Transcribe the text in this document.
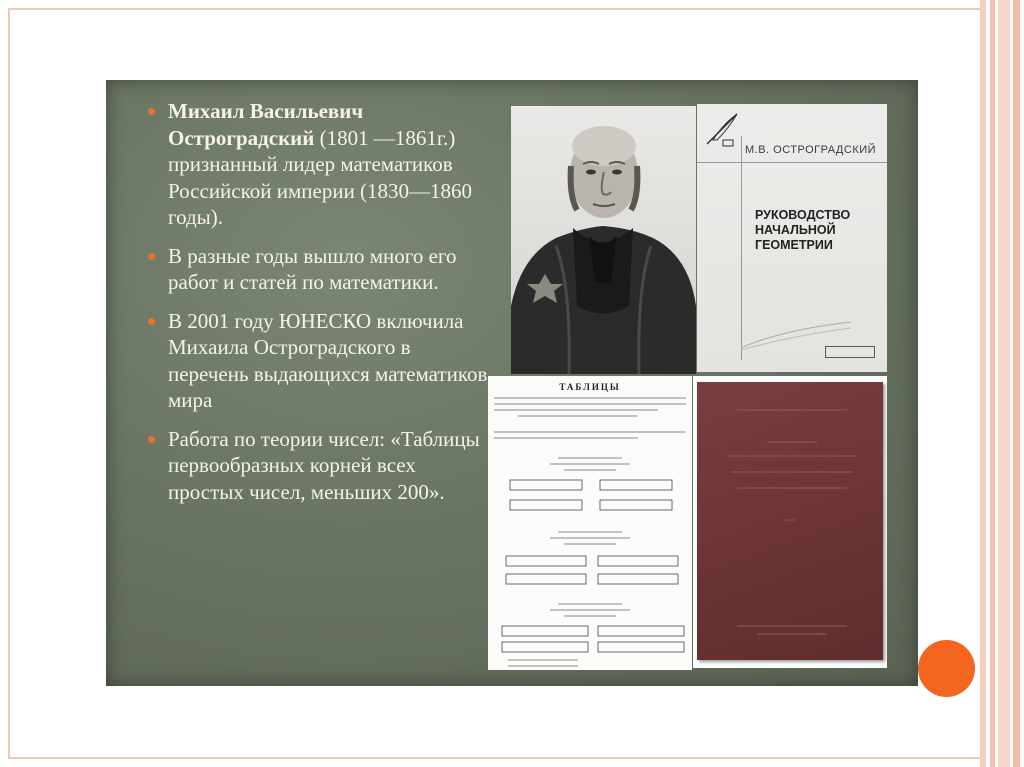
Михаил Васильевич Остроградский (1801 —1861г.) признанный лидер математиков Российской империи (1830—1860 годы).
В разные годы вышло много его работ и статей по математики.
В 2001 году ЮНЕСКО включила Михаила Остроградского в перечень выдающихся математиков мира
Работа по теории чисел: «Таблицы первообразных корней всех простых чисел, меньших 200».
М.В. ОСТРОГРАДСКИЙ
РУКОВОДСТВО НАЧАЛЬНОЙ ГЕОМЕТРИИ
ТАБЛИЦЫ
